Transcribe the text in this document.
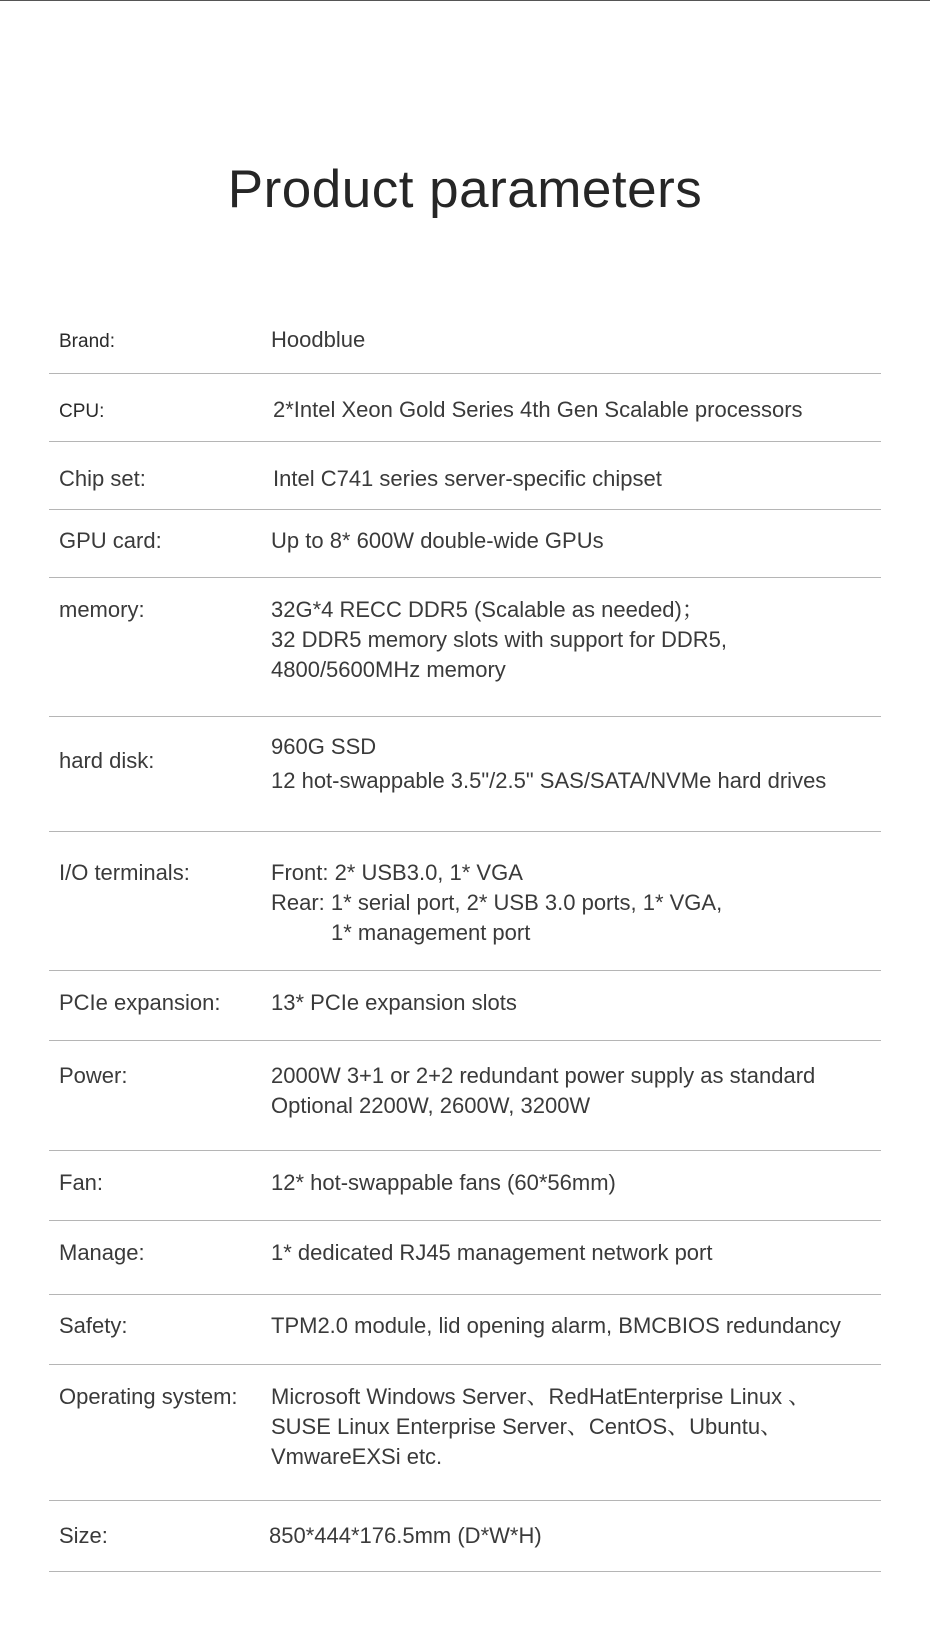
Product parameters
Brand:	Hoodblue
CPU:	2*Intel Xeon Gold Series 4th Gen Scalable processors
Chip set:	Intel C741 series server-specific chipset
GPU card:	Up to 8* 600W double-wide GPUs
memory:	32G*4 RECC DDR5 (Scalable as needed)；
32 DDR5 memory slots with support for DDR5,
4800/5600MHz memory
hard disk:
960G SSD
12 hot-swappable 3.5"/2.5" SAS/SATA/NVMe hard drives
I/O terminals:	Front: 2* USB3.0, 1* VGA
Rear: 1* serial port, 2* USB 3.0 ports, 1* VGA,
1* management port
PCIe expansion: 13* PCIe expansion slots
Power:	2000W 3+1 or 2+2 redundant power supply as standard
Optional 2200W, 2600W, 3200W
Fan:	12* hot-swappable fans (60*56mm)
Manage:	1* dedicated RJ45 management network port
Safety:	TPM2.0 module, lid opening alarm, BMCBIOS redundancy
Operating system: Microsoft Windows Server、RedHatEnterprise Linux 、
SUSE Linux Enterprise Server、CentOS、Ubuntu、
VmwareEXSi etc.
Size:	850*444*176.5mm (D*W*H)
